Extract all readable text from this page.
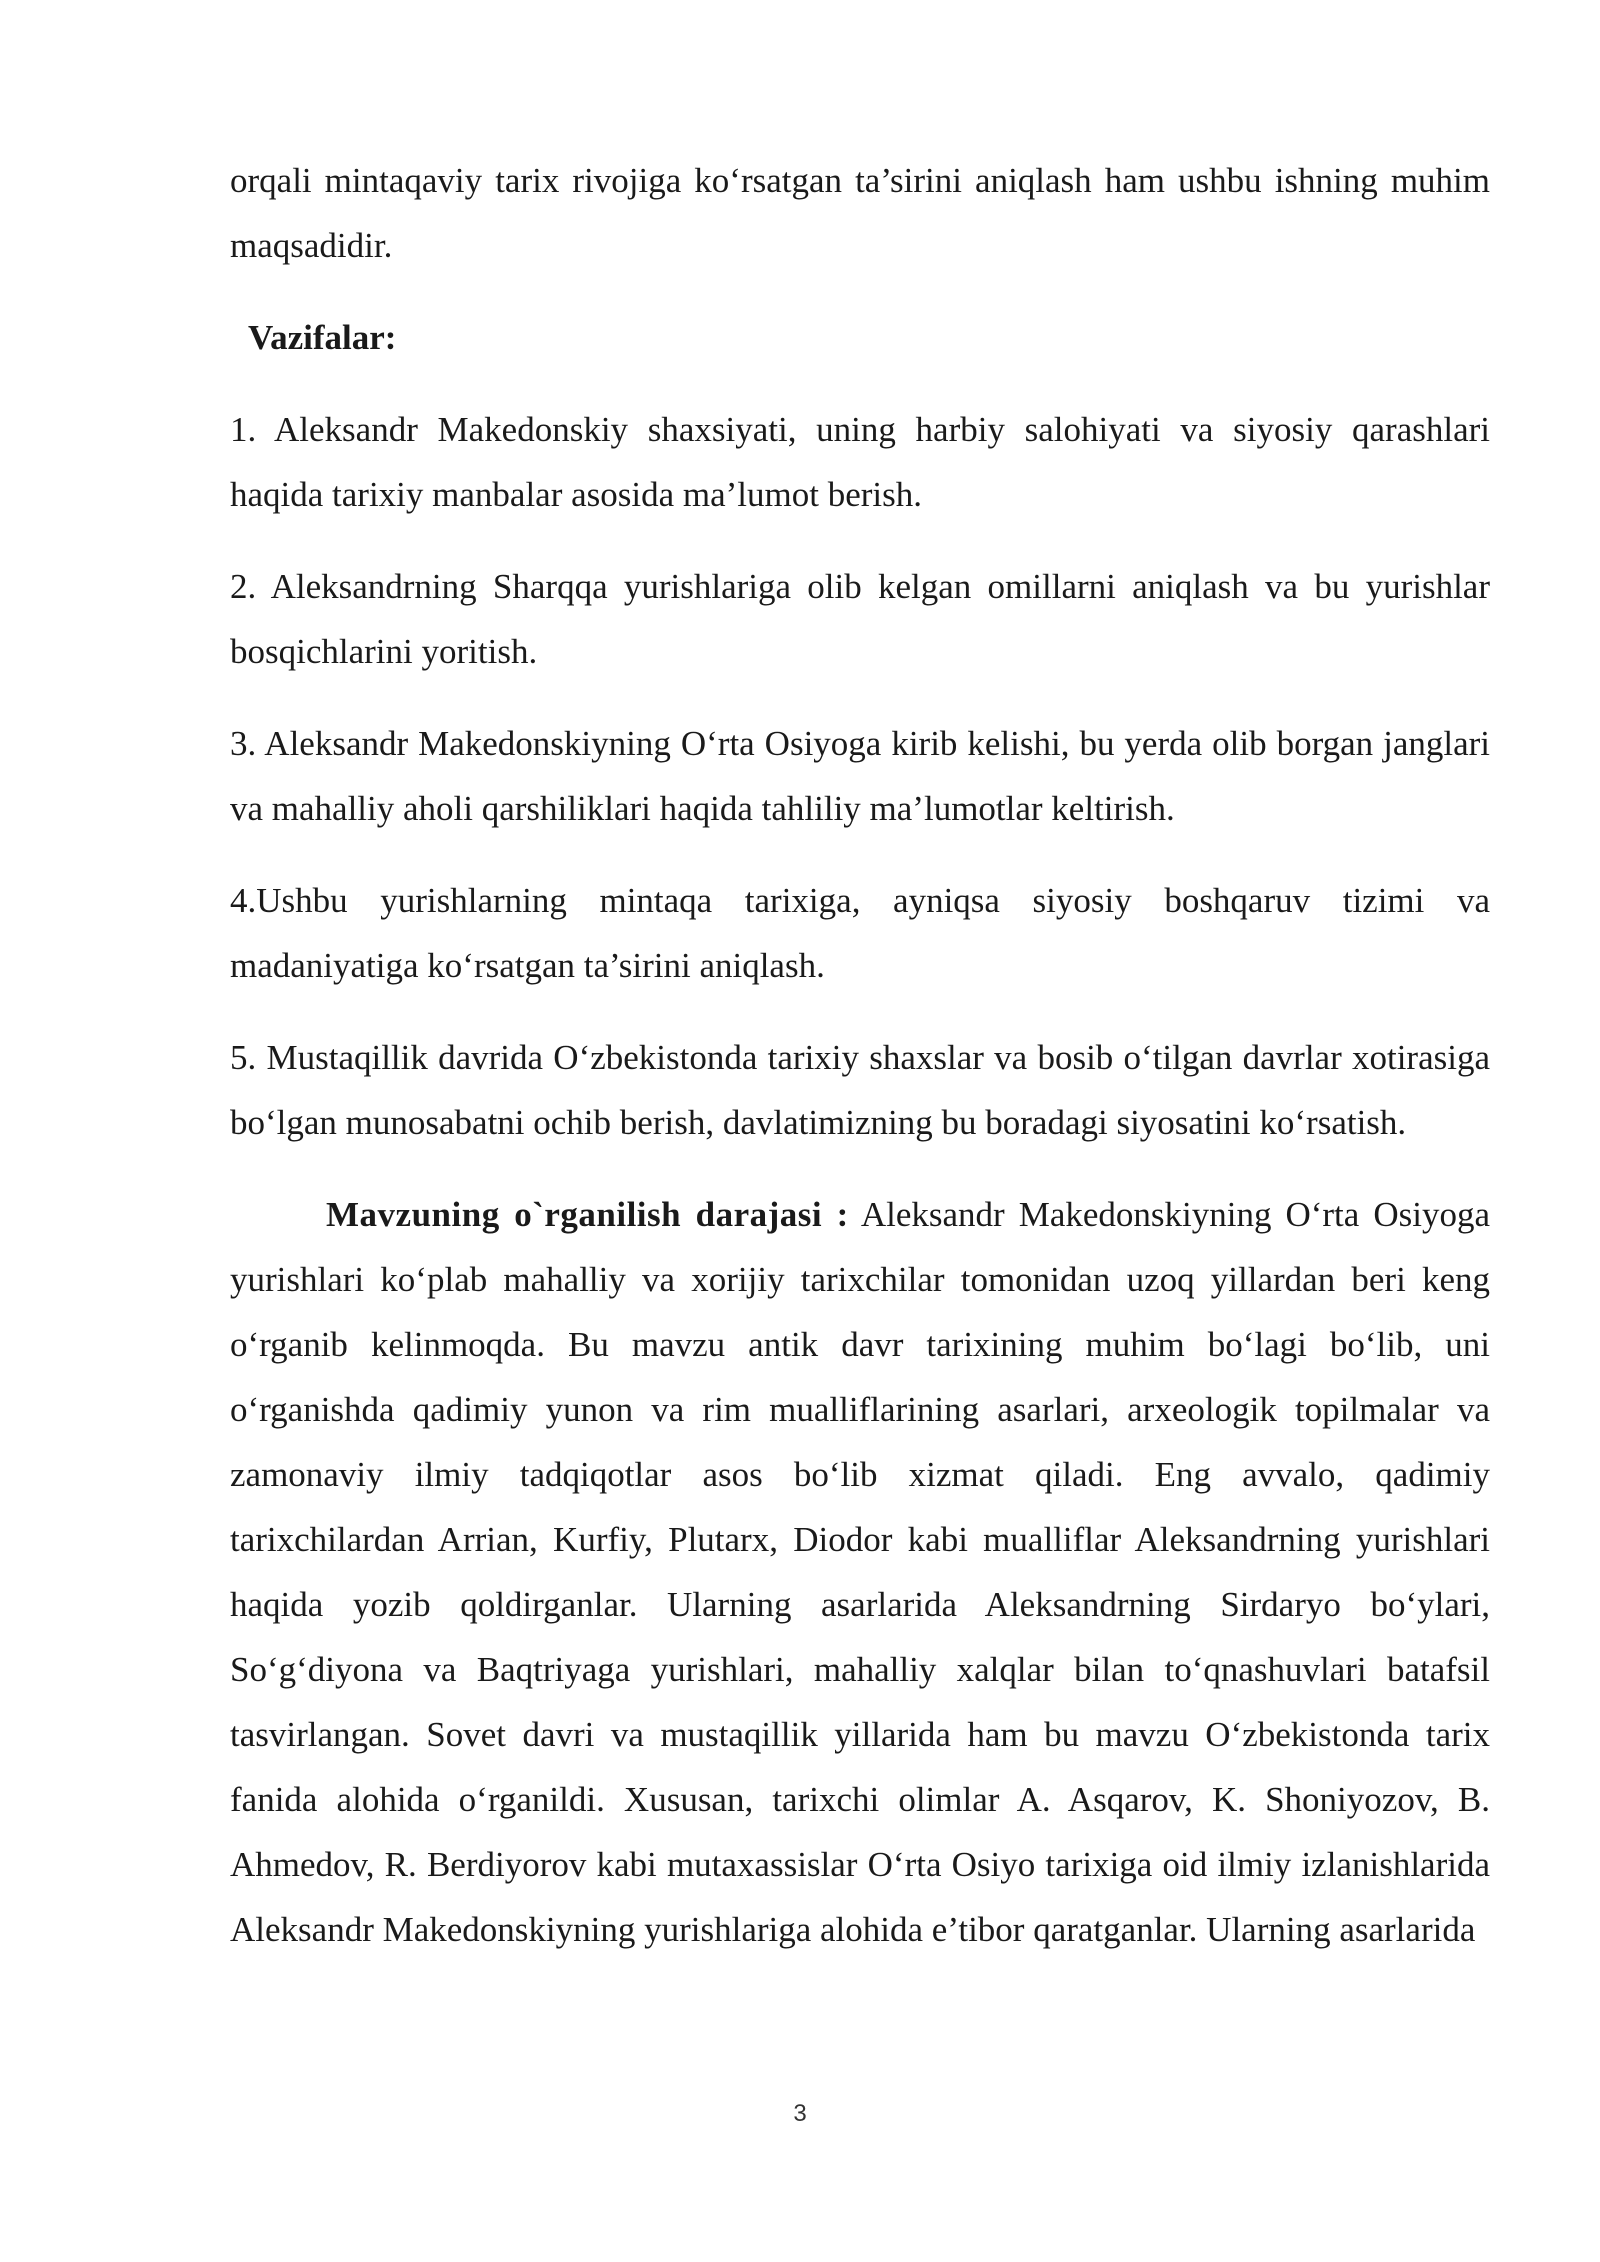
orqali mintaqaviy tarix rivojiga ko‘rsatgan ta’sirini aniqlash ham ushbu ishning muhim maqsadidir.

Vazifalar:

1. Aleksandr Makedonskiy shaxsiyati, uning harbiy salohiyati va siyosiy qarashlari haqida tarixiy manbalar asosida ma’lumot berish.

2. Aleksandrning Sharqqa yurishlariga olib kelgan omillarni aniqlash va bu yurishlar bosqichlarini yoritish.

3. Aleksandr Makedonskiyning O‘rta Osiyoga kirib kelishi, bu yerda olib borgan janglari va mahalliy aholi qarshiliklari haqida tahliliy ma’lumotlar keltirish.

4.Ushbu yurishlarning mintaqa tarixiga, ayniqsa siyosiy boshqaruv tizimi va madaniyatiga ko‘rsatgan ta’sirini aniqlash.

5. Mustaqillik davrida O‘zbekistonda tarixiy shaxslar va bosib o‘tilgan davrlar xotirasiga bo‘lgan munosabatni ochib berish, davlatimizning bu boradagi siyosatini ko‘rsatish.

Mavzuning o`rganilish darajasi : Aleksandr Makedonskiyning O‘rta Osiyoga yurishlari ko‘plab mahalliy va xorijiy tarixchilar tomonidan uzoq yillardan beri keng o‘rganib kelinmoqda. Bu mavzu antik davr tarixining muhim bo‘lagi bo‘lib, uni o‘rganishda qadimiy yunon va rim mualliflarining asarlari, arxeologik topilmalar va zamonaviy ilmiy tadqiqotlar asos bo‘lib xizmat qiladi. Eng avvalo, qadimiy tarixchilardan Arrian, Kurfiy, Plutarx, Diodor kabi mualliflar Aleksandrning yurishlari haqida yozib qoldirganlar. Ularning asarlarida Aleksandrning Sirdaryo bo‘ylari, So‘g‘diyona va Baqtriyaga yurishlari, mahalliy xalqlar bilan to‘qnashuvlari batafsil tasvirlangan. Sovet davri va mustaqillik yillarida ham bu mavzu O‘zbekistonda tarix fanida alohida o‘rganildi. Xususan, tarixchi olimlar A. Asqarov, K. Shoniyozov, B. Ahmedov, R. Berdiyorov kabi mutaxassislar O‘rta Osiyo tarixiga oid ilmiy izlanishlarida Aleksandr Makedonskiyning yurishlariga alohida e’tibor qaratganlar. Ularning asarlarida

3
